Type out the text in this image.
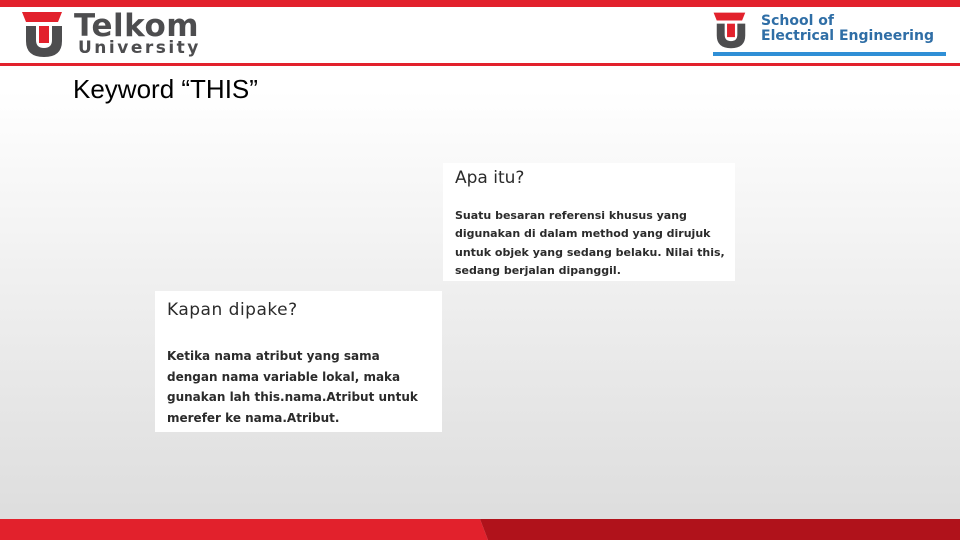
Telkom
University
School of
Electrical Engineering
Keyword “THIS”
Apa itu?
Suatu besaran referensi khusus yang
digunakan di dalam method yang dirujuk
untuk objek yang sedang belaku. Nilai this,
sedang berjalan dipanggil.
Kapan dipake?
Ketika nama atribut yang sama
dengan nama variable lokal, maka
gunakan lah this.nama.Atribut untuk
merefer ke nama.Atribut.
